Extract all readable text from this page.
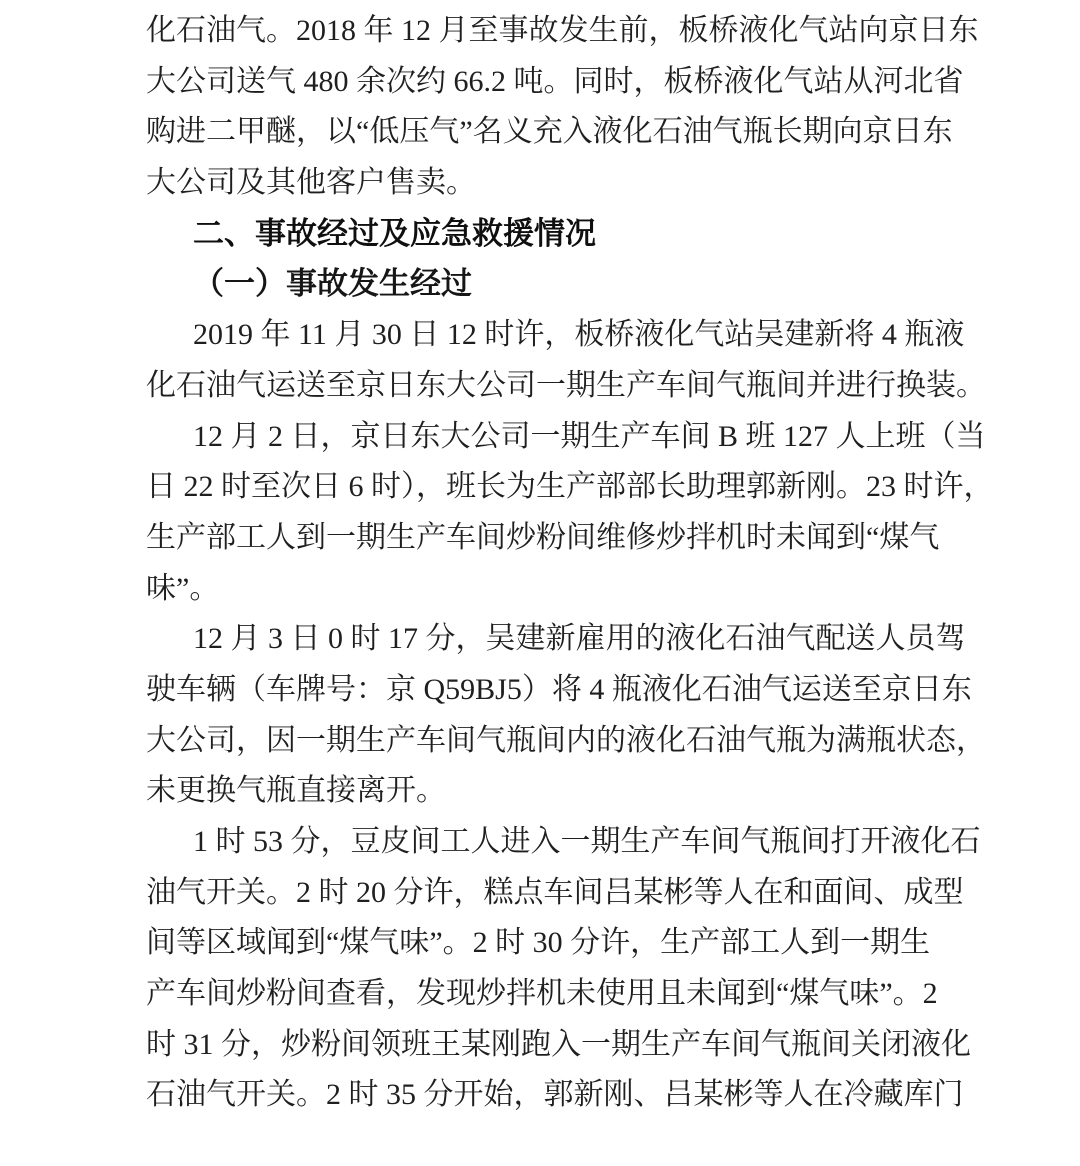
化石油气。2018 年 12 月至事故发生前，板桥液化气站向京日东
大公司送气 480 余次约 66.2 吨。同时，板桥液化气站从河北省
购进二甲醚，以“低压气”名义充入液化石油气瓶长期向京日东
大公司及其他客户售卖。
二、事故经过及应急救援情况
（一）事故发生经过
2019 年 11 月 30 日 12 时许，板桥液化气站吴建新将 4 瓶液
化石油气运送至京日东大公司一期生产车间气瓶间并进行换装。
12 月 2 日，京日东大公司一期生产车间 B 班 127 人上班（当
日 22 时至次日 6 时），班长为生产部部长助理郭新刚。23 时许，
生产部工人到一期生产车间炒粉间维修炒拌机时未闻到“煤气
味”。
12 月 3 日 0 时 17 分，吴建新雇用的液化石油气配送人员驾
驶车辆（车牌号：京 Q59BJ5）将 4 瓶液化石油气运送至京日东
大公司，因一期生产车间气瓶间内的液化石油气瓶为满瓶状态，
未更换气瓶直接离开。
1 时 53 分，豆皮间工人进入一期生产车间气瓶间打开液化石
油气开关。2 时 20 分许，糕点车间吕某彬等人在和面间、成型
间等区域闻到“煤气味”。2 时 30 分许，生产部工人到一期生
产车间炒粉间查看，发现炒拌机未使用且未闻到“煤气味”。2
时 31 分，炒粉间领班王某刚跑入一期生产车间气瓶间关闭液化
石油气开关。2 时 35 分开始，郭新刚、吕某彬等人在冷藏库门
